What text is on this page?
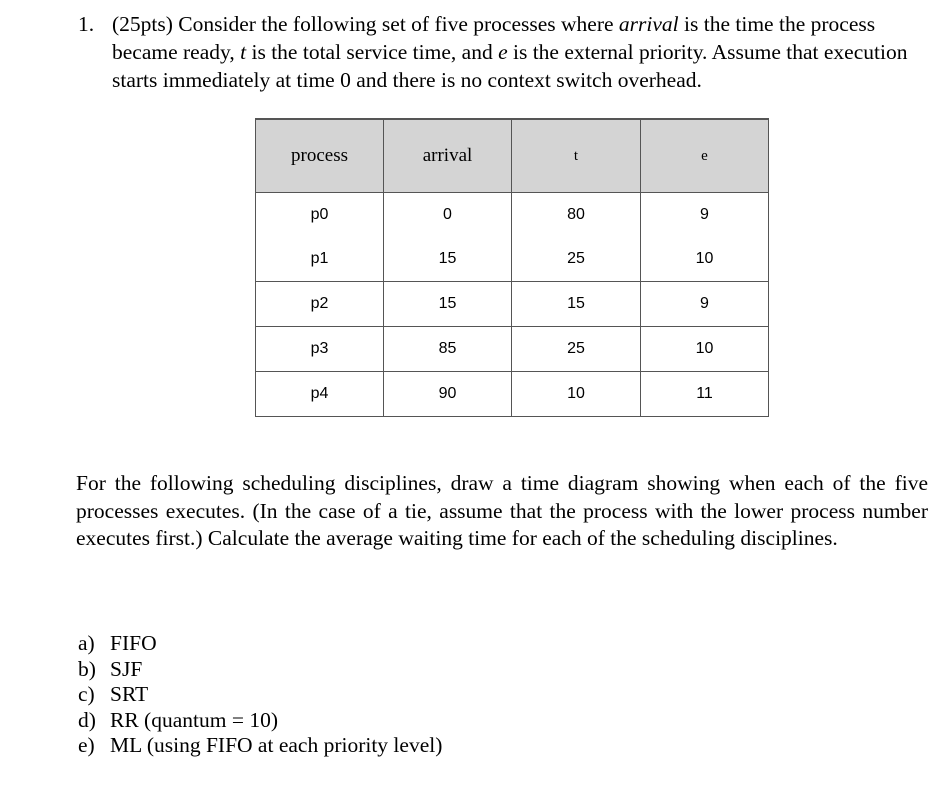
1. (25pts) Consider the following set of five processes where arrival is the time the process became ready, t is the total service time, and e is the external priority. Assume that execution starts immediately at time 0 and there is no context switch overhead.
process	arrival	t	e
p0	0	80	9
p1	15	25	10
p2	15	15	9
p3	85	25	10
p4	90	10	11
For the following scheduling disciplines, draw a time diagram showing when each of the five processes executes. (In the case of a tie, assume that the process with the lower process number executes first.) Calculate the average waiting time for each of the scheduling disciplines.
a) FIFO
b) SJF
c) SRT
d) RR (quantum = 10)
e) ML (using FIFO at each priority level)
